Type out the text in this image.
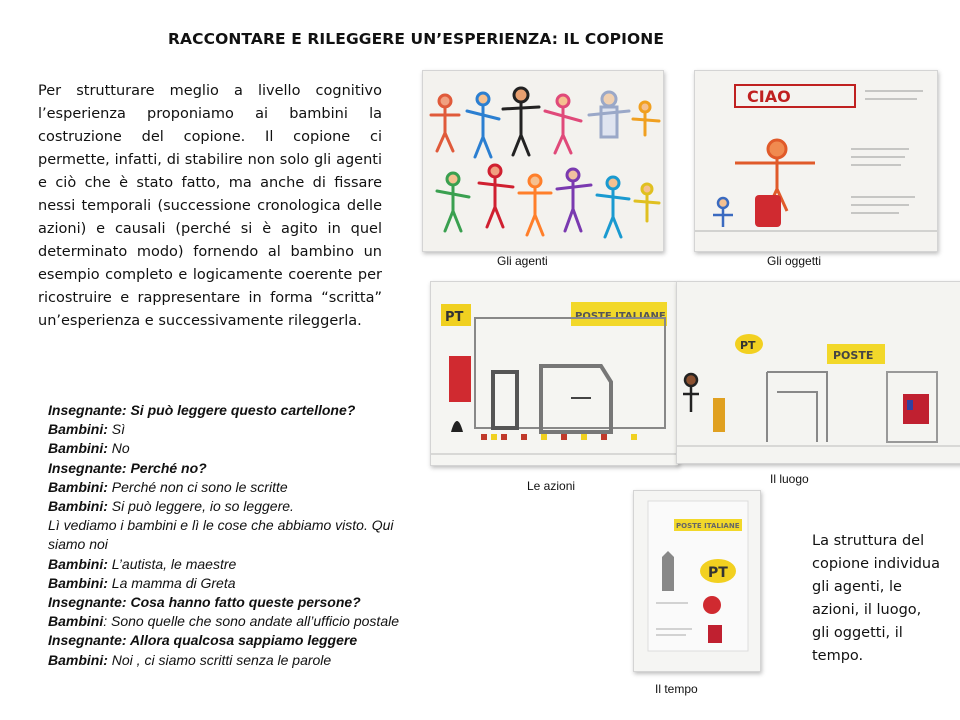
RACCONTARE E RILEGGERE UN’ESPERIENZA: IL COPIONE
Per strutturare meglio a livello cognitivo l’esperienza proponiamo ai bambini la costruzione del copione. Il copione ci permette, infatti, di stabilire non solo gli agenti e ciò che è stato fatto, ma anche di fissare nessi temporali (successione cronologica delle azioni) e causali (perché si è agito in quel determinato modo) fornendo al bambino un esempio completo e logicamente coerente per ricostruire e rappresentare in forma “scritta” un’esperienza e successivamente rileggerla.
Insegnante: Si può leggere questo cartellone?
Bambini: Sì
Bambini: No
Insegnante: Perché no?
Bambini: Perché non ci sono le scritte
Bambini: Si può leggere, io so leggere.
Lì vediamo i bambini e lì le cose che abbiamo visto. Qui siamo noi
Bambini: L’autista, le maestre
Bambini: La mamma di Greta
Insegnante: Cosa hanno fatto queste persone?
Bambini: Sono quelle che sono andate all’ufficio postale
Insegnante: Allora qualcosa sappiamo leggere
Bambini: Noi , ci siamo scritti senza le parole
Gli agenti
CIAO
Gli oggetti
PT	POSTE ITALIANE
Le azioni
PT
POSTE
Il luogo
POSTE ITALIANE
PT
Il tempo
La struttura del copione individua gli agenti, le azioni, il luogo, gli oggetti, il tempo.
